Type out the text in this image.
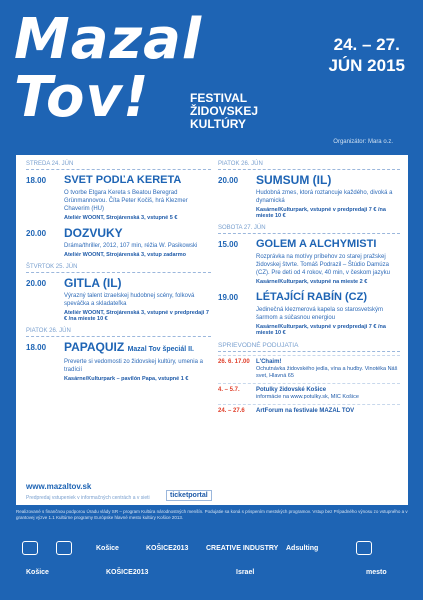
Mazal
Tov!	FESTIVAL
ŽIDOVSKEJ
KULTÚRY
24. – 27.
JÚN 2015
Organizátor: Mara o.z.
STREDA 24. JÚN
18.00	SVET PODĽA KERETA
O tvorbe Etgara Kereta s Beatou Beregrad Grünmannovou. Číta Peter Kočiš, hrá Klezmer Chaverim (HU)
Ateliér WOONT, Strojárenská 3, vstupné 5 €
20.00	DOZVUKY
Dráma/thriller, 2012, 107 min, réžia W. Pasikowski
Ateliér WOONT, Strojárenská 3, vstup zadarmo
ŠTVRTOK 25. JÚN
20.00	GITLA (IL)
Výrazný talent izraelskej hudobnej scény, folková speváčka a skladateľka
Ateliér WOONT, Strojárenská 3, vstupné v predpredaji 7 € /na mieste 10 €
PIATOK 26. JÚN
18.00	PAPAQUIZ Mazal Tov špeciál II.
Preverte si vedomosti zo židovskej kultúry, umenia a tradícií
Kasárne/Kulturpark – pavilón Papa, vstupné 1 €
PIATOK 26. JÚN
20.00	SUMSUM (IL)
Hudobná zmes, ktorá roztancuje každého, divoká a dynamická
Kasárne/Kulturpark, vstupné v predpredaji 7 € /na mieste 10 €
SOBOTA 27. JÚN
15.00	GOLEM A ALCHYMISTI
Rozprávka na motívy príbehov zo starej pražskej židovskej štvrte. Tomáš Podrazil – Štúdio Damúza (CZ). Pre deti od 4 rokov, 40 min, v českom jazyku
Kasárne/Kulturpark, vstupné na mieste 2 €
19.00	LÉTAJÍCÍ RABÍN (CZ)
Jedinečná klezmerová kapela so starosvetským šarmom a súčasnou energiou
Kasárne/Kulturpark, vstupné v predpredaji 7 € /na mieste 10 €
SPRIEVODNÉ PODUJATIA
26. 6. 17.00	L'Chaim!
Ochutnávka židovského jedla, vína a hudby. Vinotéka Náš svet, Hlavná 65
4. – 5.7.	Potulky židovské Košice
informácie na www.potulky.sk, MIC Košice
24. – 27.6	ArtForum na festivale MAZAL TOV
www.mazaltov.sk
Predpredaj vstupeniek v informačných centrách a v sieti	ticketportal
Realizované s finančnou podporou Úradu vlády SR – program Kultúra národnostných menšín. Podujatie sa koná s prispením mestských programov. Vstup bez Prípadného výnosu zo vstupného a v grantovej výzve 1.1 Kultúrne programy Európske hlavné mesto kultúry Košice 2013.
Košice	KOŠICE2013	CREATIVE INDUSTRY Adsulting
Košice	KOŠICE2013	Israel	mesto
